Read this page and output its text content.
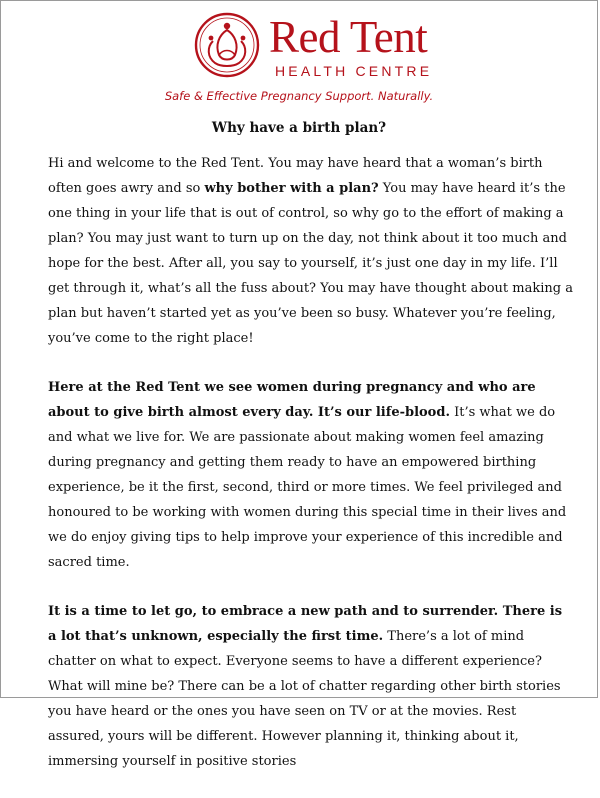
Red Tent
HEALTH CENTRE
Safe & Effective Pregnancy Support. Naturally.
Why have a birth plan?

Hi and welcome to the Red Tent. You may have heard that a woman’s birth often goes awry and so why bother with a plan? You may have heard it’s the one thing in your life that is out of control, so why go to the effort of making a plan? You may just want to turn up on the day, not think about it too much and hope for the best. After all, you say to yourself, it’s just one day in my life. I’ll get through it, what’s all the fuss about? You may have thought about making a plan but haven’t started yet as you’ve been so busy. Whatever you’re feeling, you’ve come to the right place!

Here at the Red Tent we see women during pregnancy and who are about to give birth almost every day. It’s our life-blood. It’s what we do and what we live for. We are passionate about making women feel amazing during pregnancy and getting them ready to have an empowered birthing experience, be it the first, second, third or more times. We feel privileged and honoured to be working with women during this special time in their lives and we do enjoy giving tips to help improve your experience of this incredible and sacred time.

It is a time to let go, to embrace a new path and to surrender. There is a lot that’s unknown, especially the first time. There’s a lot of mind chatter on what to expect. Everyone seems to have a different experience? What will mine be? There can be a lot of chatter regarding other birth stories you have heard or the ones you have seen on TV or at the movies. Rest assured, yours will be different. However planning it, thinking about it, immersing yourself in positive stories
